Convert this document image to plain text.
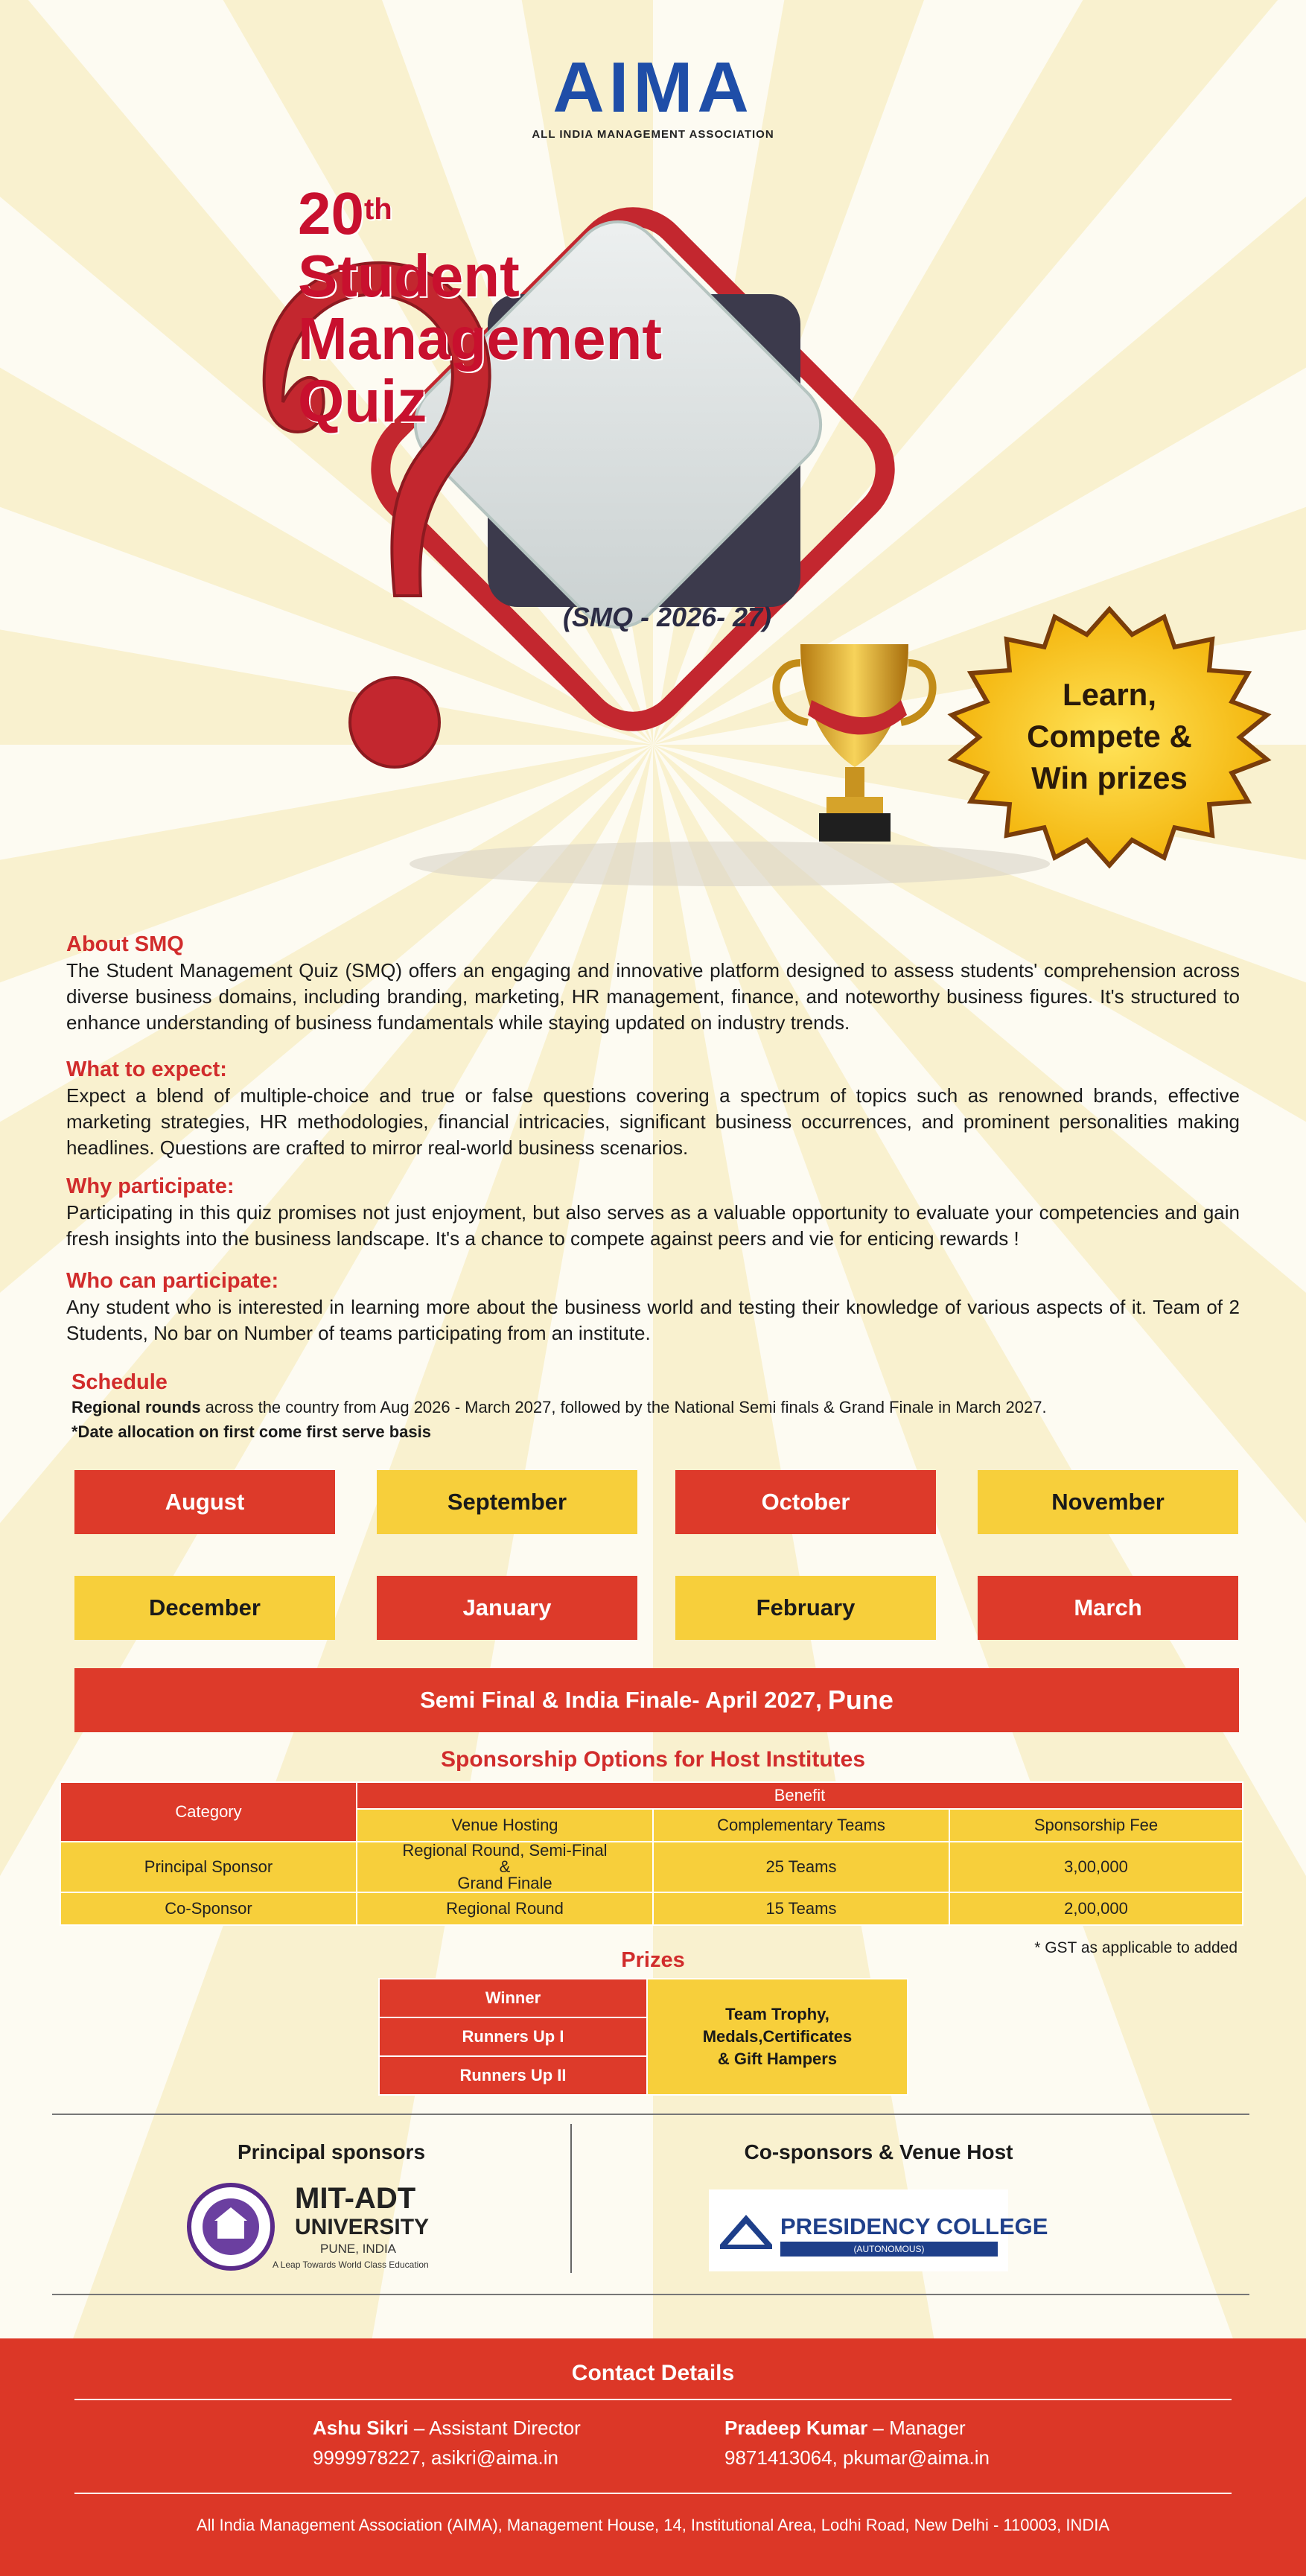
AIMA
ALL INDIA MANAGEMENT ASSOCIATION
20th
Student
Management
Quiz
(SMQ - 2026- 27)
Learn,
Compete &
Win prizes
About SMQ
The Student Management Quiz (SMQ) offers an engaging and innovative platform designed to assess students' comprehension across diverse business domains, including branding, marketing, HR management, finance, and noteworthy business figures. It's structured to enhance understanding of business fundamentals while staying updated on industry trends.
What to expect:
Expect a blend of multiple-choice and true or false questions covering a spectrum of topics such as renowned brands, effective marketing strategies, HR methodologies, financial intricacies, significant business occurrences, and prominent personalities making headlines. Questions are crafted to mirror real-world business scenarios.
Why participate:
Participating in this quiz promises not just enjoyment, but also serves as a valuable opportunity to evaluate your competencies and gain fresh insights into the business landscape. It's a chance to compete against peers and vie for enticing rewards !
Who can participate:
Any student who is interested in learning more about the business world and testing their knowledge of various aspects of it. Team of 2 Students, No bar on Number of teams participating from an institute.
Schedule
Regional rounds across the country from Aug 2026 - March 2027, followed by the National Semi finals & Grand Finale in March 2027.
*Date allocation on first come first serve basis
August	September	October	November
December	January	February	March
Semi Final & India Finale- April 2027, Pune
Sponsorship Options for Host Institutes
Category	Benefit		
	Venue Hosting	Complementary Teams	Sponsorship Fee
Principal Sponsor	Regional Round, Semi-Final
&
Grand Finale	25 Teams	3,00,000
Co-Sponsor	Regional Round	15 Teams	2,00,000
* GST as applicable to added
Prizes
Winner	
Team Trophy,
Medals,Certificates
& Gift Hampers

Runners Up I
Runners Up II
Principal sponsors	Co-sponsors & Venue Host
MIT-ADT
UNIVERSITY
PUNE, INDIA
A Leap Towards World Class Education
PRESIDENCY COLLEGE
(AUTONOMOUS)
Contact Details
Ashu Sikri – Assistant Director
9999978227, asikri@aima.in
Pradeep Kumar – Manager
9871413064, pkumar@aima.in
All India Management Association (AIMA), Management House, 14, Institutional Area, Lodhi Road, New Delhi - 110003, INDIA
